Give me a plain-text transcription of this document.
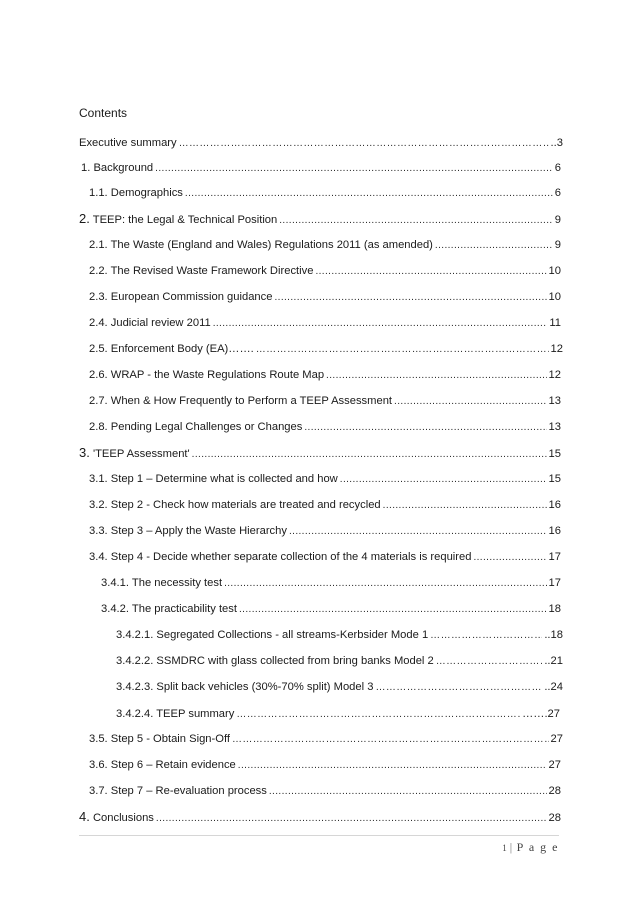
Contents
Executive summary ………………………………………………………………………………………………………………………………………………………………………………	..3
1. Background .....	6
1.1. Demographics .....	6
2. TEEP: the Legal & Technical Position .....	9
2.1. The Waste (England and Wales) Regulations 2011 (as amended) .....	9
2.2. The Revised Waste Framework Directive .....	10
2.3. European Commission guidance .....	10
2.4. Judicial review 2011 .....	11
2.5. Enforcement Body (EA)……. ………………………………………………………………………………………………………………………………………………………………………………	12
2.6. WRAP - the Waste Regulations Route Map .....	12
2.7. When & How Frequently to Perform a TEEP Assessment .....	13
2.8. Pending Legal Challenges or Changes .....	13
3. 'TEEP Assessment' .....	15
3.1. Step 1 – Determine what is collected and how .....	15
3.2. Step 2 - Check how materials are treated and recycled .....	16
3.3. Step 3 – Apply the Waste Hierarchy .....	16
3.4. Step 4 - Decide whether separate collection of the 4 materials is required .....	17
3.4.1. The necessity test .....	17
3.4.2. The practicability test .....	18
3.4.2.1. Segregated Collections - all streams-Kerbsider Mode 1 ………………………………………………………………………………………………………………………………………………………………………………	..18
3.4.2.2. SSMDRC with glass collected from bring banks Model 2 ………………………………………………………………………………………………………………………………………………………………………………	..21
3.4.2.3. Split back vehicles (30%-70% split) Model 3 ………………………………………………………………………………………………………………………………………………………………………………	..24
3.4.2.4. TEEP summary ………………………………………………………………………………………………………………………………………………………………………………	…….27
3.5. Step 5 - Obtain Sign-Off ………………………………………………………………………………………………………………………………………………………………………………	27
3.6. Step 6 – Retain evidence .....	27
3.7. Step 7 – Re-evaluation process .....	28
4. Conclusions .....	28
1 | P a g e
